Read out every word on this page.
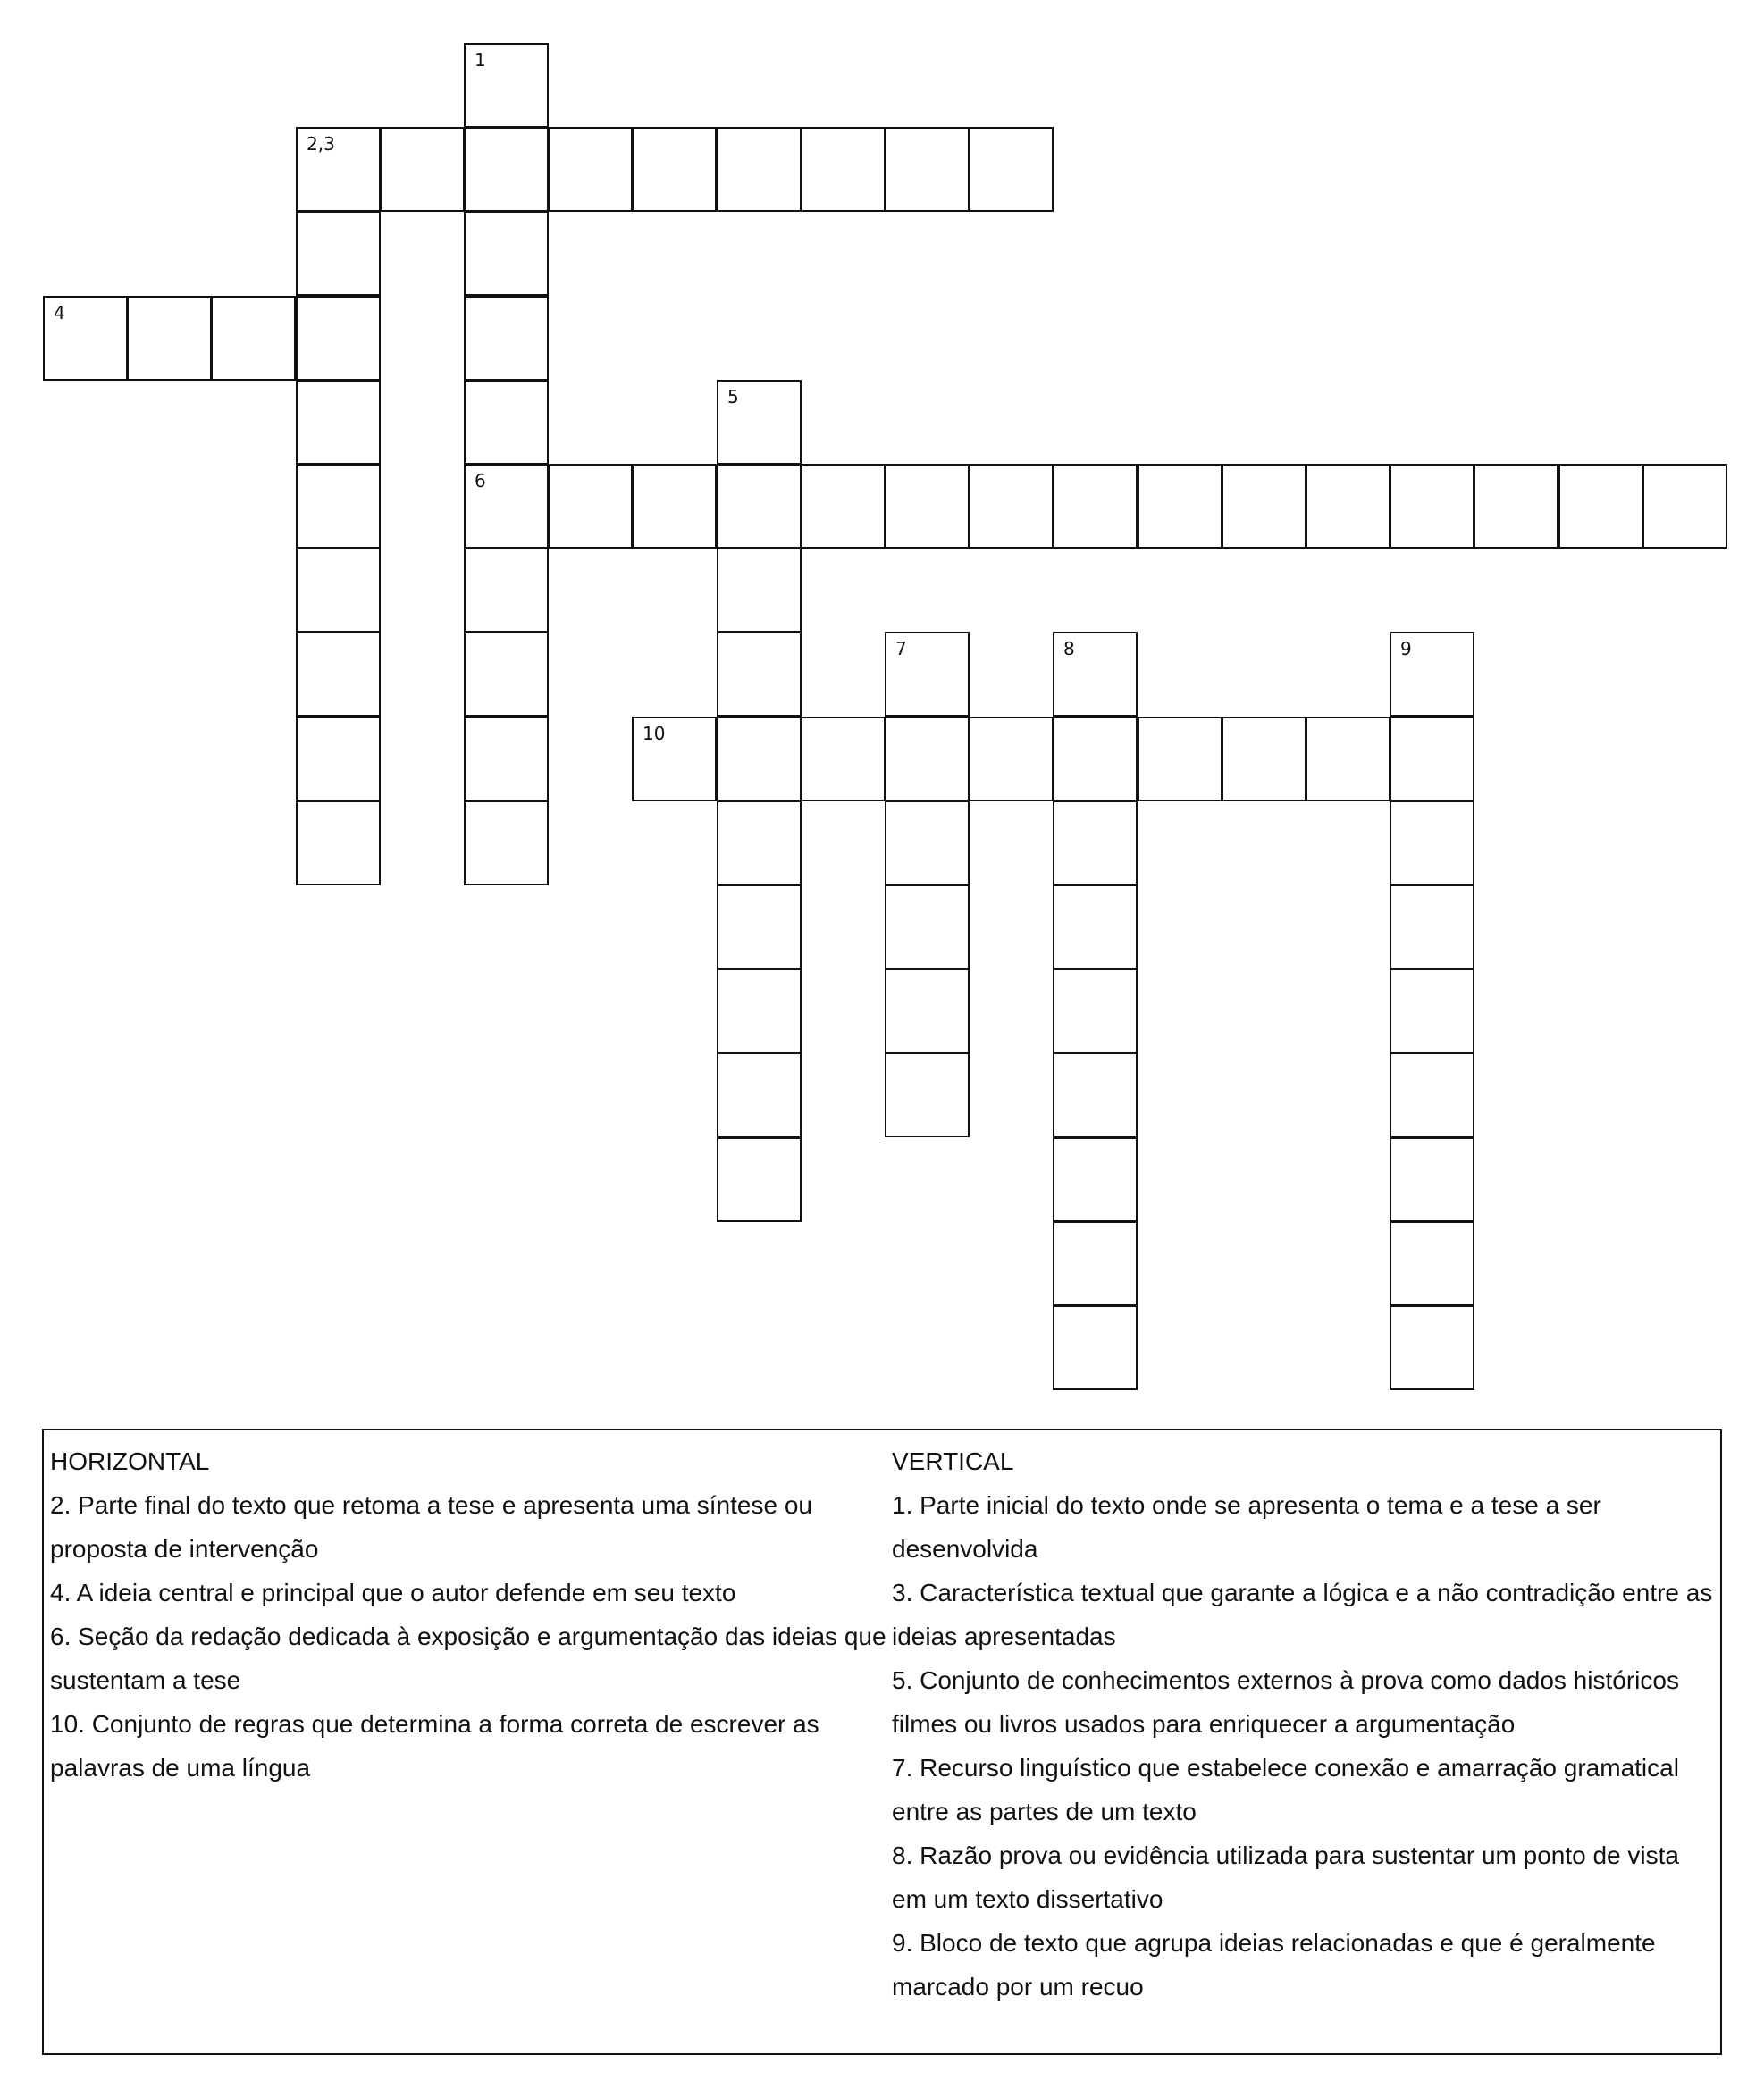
1
2,3
4
5
6
7	8	9
10
HORIZONTAL
2. Parte final do texto que retoma a tese e apresenta uma síntese ou proposta de intervenção
4. A ideia central e principal que o autor defende em seu texto
6. Seção da redação dedicada à exposição e argumentação das ideias que sustentam a tese
10. Conjunto de regras que determina a forma correta de escrever as palavras de uma língua
VERTICAL
1. Parte inicial do texto onde se apresenta o tema e a tese a ser desenvolvida
3. Característica textual que garante a lógica e a não contradição entre as ideias apresentadas
5. Conjunto de conhecimentos externos à prova como dados históricos filmes ou livros usados para enriquecer a argumentação
7. Recurso linguístico que estabelece conexão e amarração gramatical entre as partes de um texto
8. Razão prova ou evidência utilizada para sustentar um ponto de vista em um texto dissertativo
9. Bloco de texto que agrupa ideias relacionadas e que é geralmente marcado por um recuo
